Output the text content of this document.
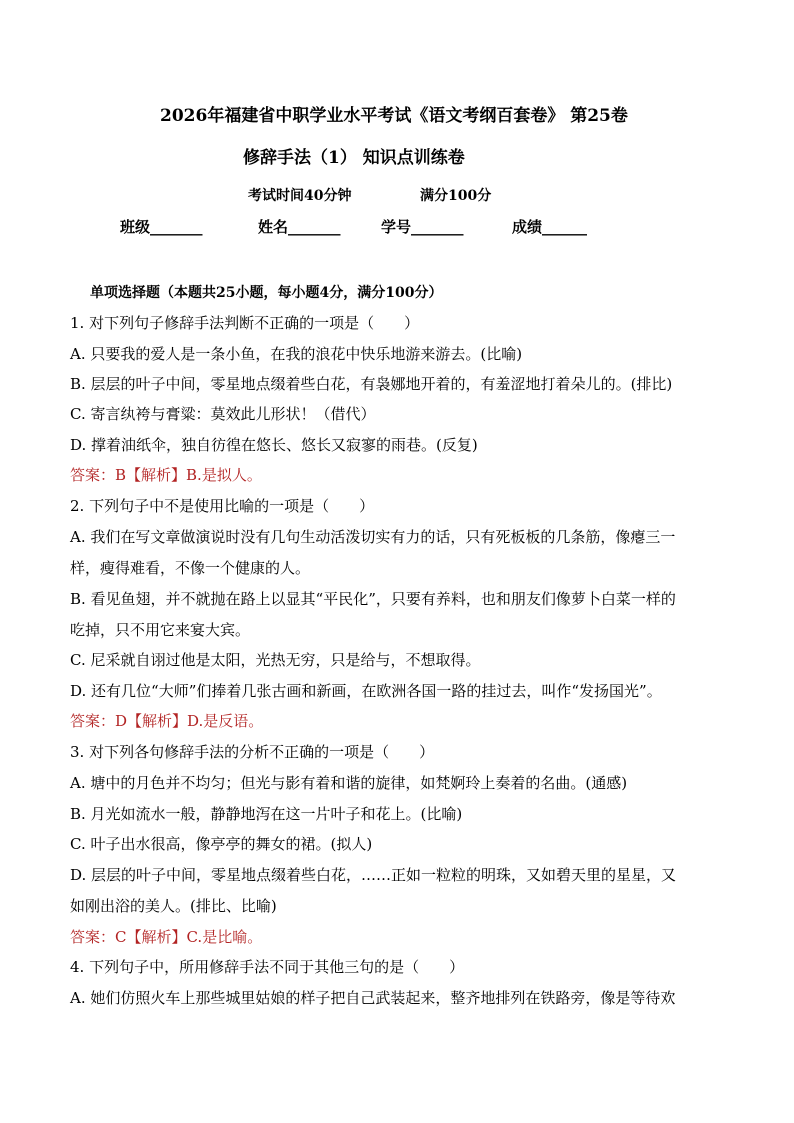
2026年福建省中职学业水平考试《语文考纲百套卷》 第25卷
修辞手法（1） 知识点训练卷
考试时间40分钟	满分100分
班级_______	姓名_______	学号_______	成绩______
单项选择题（本题共25小题，每小题4分，满分100分）
1. 对下列句子修辞手法判断不正确的一项是（　　）
A. 只要我的爱人是一条小鱼，在我的浪花中快乐地游来游去。(比喻)
B. 层层的叶子中间，零星地点缀着些白花，有袅娜地开着的，有羞涩地打着朵儿的。(排比)
C. 寄言纨袴与膏粱：莫效此儿形状！（借代）
D. 撑着油纸伞，独自彷徨在悠长、悠长又寂寥的雨巷。(反复)
答案：B【解析】B.是拟人。
2. 下列句子中不是使用比喻的一项是（　　）
A. 我们在写文章做演说时没有几句生动活泼切实有力的话，只有死板板的几条筋，像瘪三一
样，瘦得难看，不像一个健康的人。
B. 看见鱼翅，并不就抛在路上以显其“平民化”，只要有养料，也和朋友们像萝卜白菜一样的
吃掉，只不用它来宴大宾。
C. 尼采就自诩过他是太阳，光热无穷，只是给与，不想取得。
D. 还有几位“大师”们捧着几张古画和新画，在欧洲各国一路的挂过去，叫作“发扬国光”。
答案：D【解析】D.是反语。
3. 对下列各句修辞手法的分析不正确的一项是（　　）
A. 塘中的月色并不均匀；但光与影有着和谐的旋律，如梵婀玲上奏着的名曲。(通感)
B. 月光如流水一般，静静地泻在这一片叶子和花上。(比喻)
C. 叶子出水很高，像亭亭的舞女的裙。(拟人)
D. 层层的叶子中间，零星地点缀着些白花，……正如一粒粒的明珠，又如碧天里的星星，又
如刚出浴的美人。(排比、比喻)
答案：C【解析】C.是比喻。
4. 下列句子中，所用修辞手法不同于其他三句的是（　　）
A. 她们仿照火车上那些城里姑娘的样子把自己武装起来，整齐地排列在铁路旁，像是等待欢
